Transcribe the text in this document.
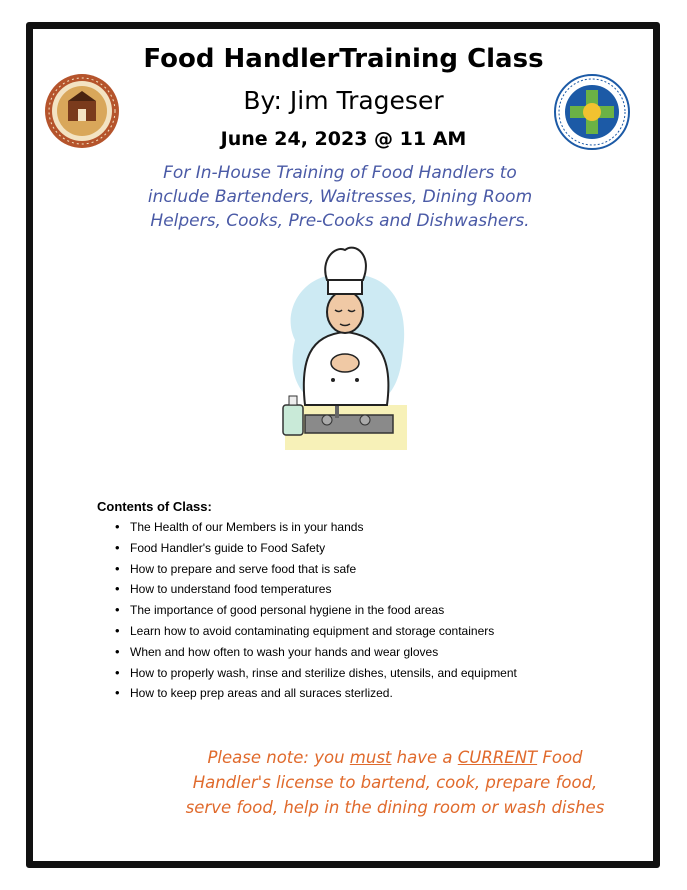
Food HandlerTraining Class
By: Jim Trageser
June 24, 2023 @ 11 AM
For In-House Training of Food Handlers to
include Bartenders, Waitresses, Dining Room
Helpers, Cooks, Pre-Cooks and Dishwashers.
Contents of Class:
• The Health of our Members is in your hands
• Food Handler's guide to Food Safety
• How to prepare and serve food that is safe
• How to understand food temperatures
• The importance of good personal hygiene in the food areas
• Learn how to avoid contaminating equipment and storage containers
• When and how often to wash your hands and wear gloves
• How to properly wash, rinse and sterilize dishes, utensils, and equipment
• How to keep prep areas and all suraces sterlized.
Please note: you must have a CURRENT Food
Handler's license to bartend, cook, prepare food,
serve food, help in the dining room or wash dishes
